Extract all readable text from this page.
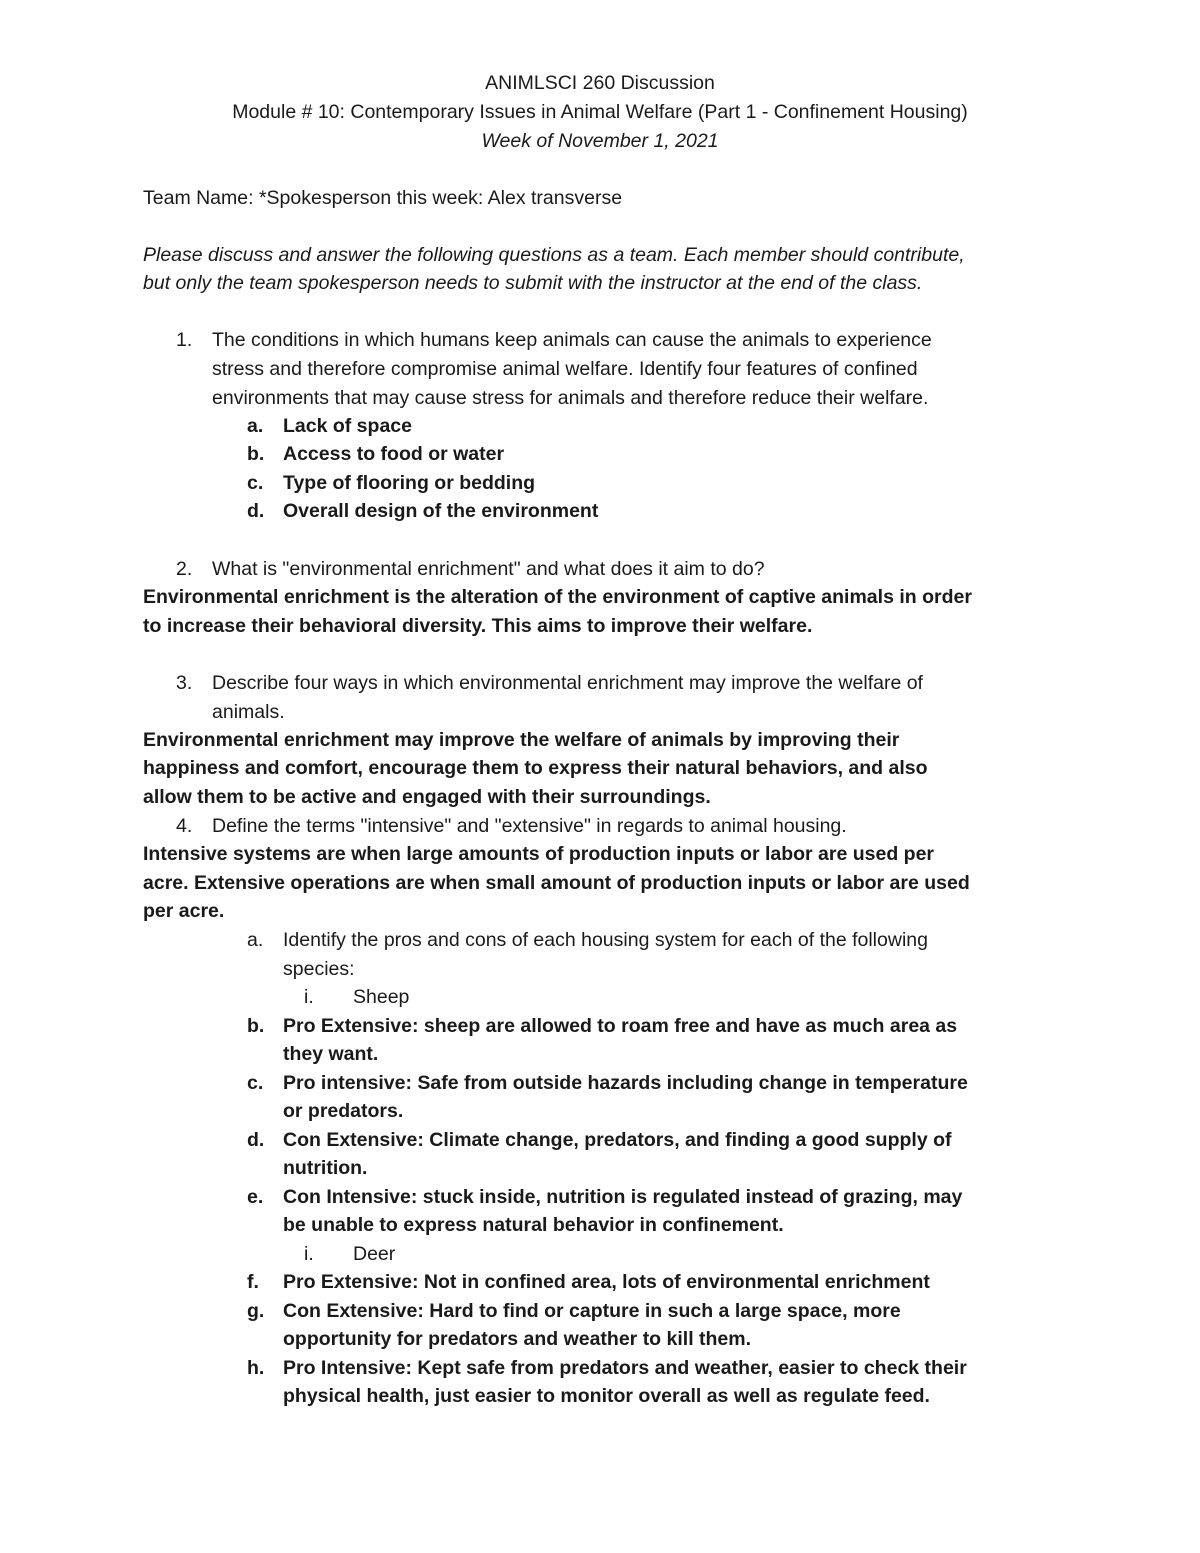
ANIMLSCI 260 Discussion
Module # 10: Contemporary Issues in Animal Welfare (Part 1 - Confinement Housing)
Week of November 1, 2021
Team Name: *Spokesperson this week: Alex transverse
Please discuss and answer the following questions as a team. Each member should contribute,
but only the team spokesperson needs to submit with the instructor at the end of the class.
1. The conditions in which humans keep animals can cause the animals to experience
stress and therefore compromise animal welfare. Identify four features of confined
environments that may cause stress for animals and therefore reduce their welfare.
a. Lack of space
b. Access to food or water
c. Type of flooring or bedding
d. Overall design of the environment
2. What is "environmental enrichment" and what does it aim to do?
Environmental enrichment is the alteration of the environment of captive animals in order
to increase their behavioral diversity. This aims to improve their welfare.
3. Describe four ways in which environmental enrichment may improve the welfare of
animals.
Environmental enrichment may improve the welfare of animals by improving their
happiness and comfort, encourage them to express their natural behaviors, and also
allow them to be active and engaged with their surroundings.
4. Define the terms "intensive" and "extensive" in regards to animal housing.
Intensive systems are when large amounts of production inputs or labor are used per
acre. Extensive operations are when small amount of production inputs or labor are used
per acre.
a. Identify the pros and cons of each housing system for each of the following
species:
i. Sheep
b. Pro Extensive: sheep are allowed to roam free and have as much area as
they want.
c. Pro intensive: Safe from outside hazards including change in temperature
or predators.
d. Con Extensive: Climate change, predators, and finding a good supply of
nutrition.
e. Con Intensive: stuck inside, nutrition is regulated instead of grazing, may
be unable to express natural behavior in confinement.
i. Deer
f. Pro Extensive: Not in confined area, lots of environmental enrichment
g. Con Extensive: Hard to find or capture in such a large space, more
opportunity for predators and weather to kill them.
h. Pro Intensive: Kept safe from predators and weather, easier to check their
physical health, just easier to monitor overall as well as regulate feed.
